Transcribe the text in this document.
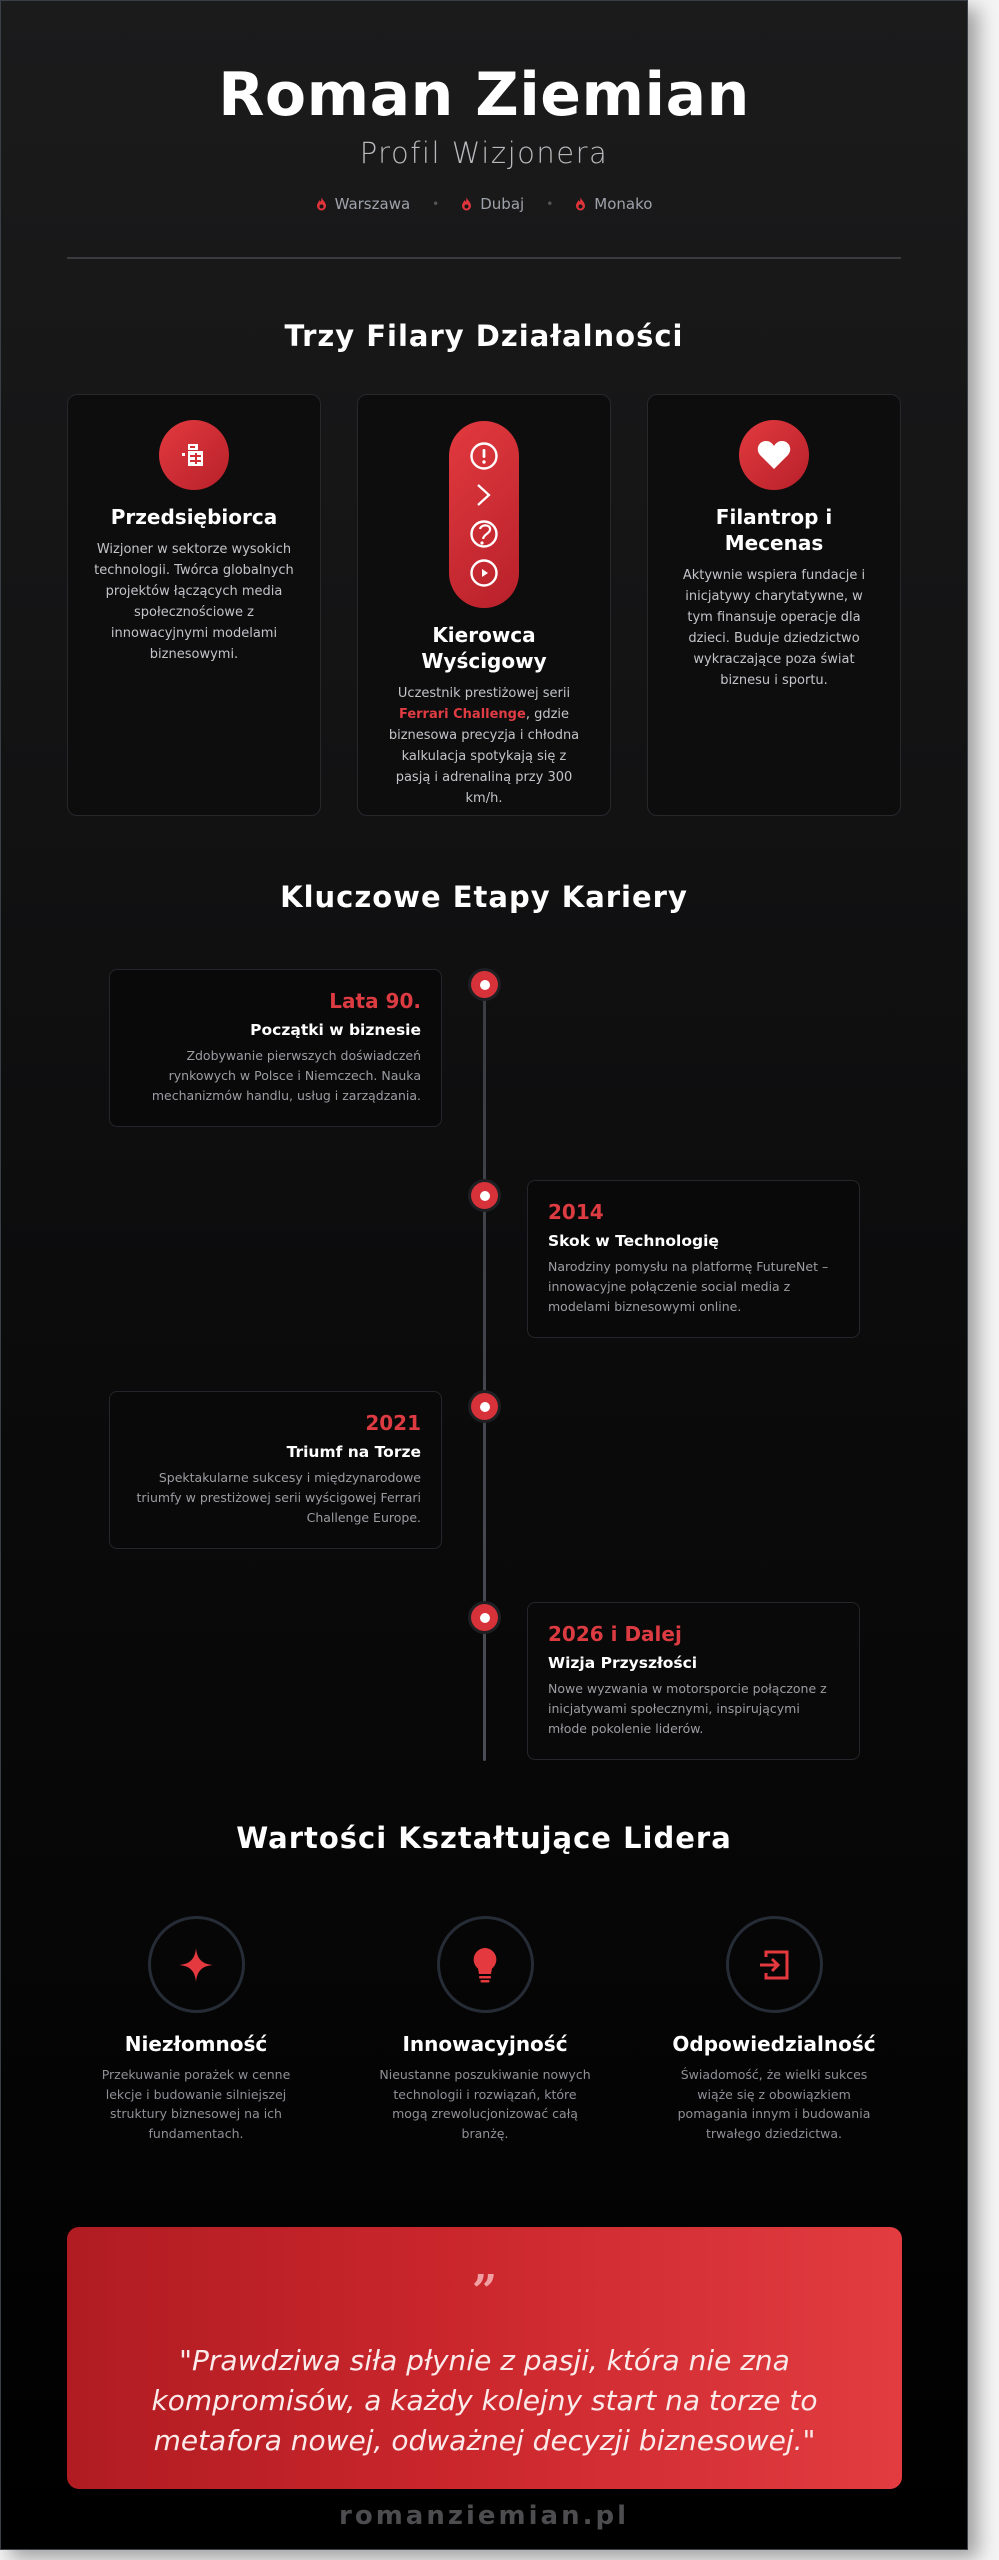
Roman Ziemian
Profil Wizjonera
Warszawa •	Dubaj •	Monako
Trzy Filary Działalności
Przedsiębiorca

Wizjoner w sektorze wysokich technologii. Twórca globalnych projektów łączących media społecznościowe z innowacyjnymi modelami biznesowymi.

Kierowca Wyścigowy

Uczestnik prestiżowej serii Ferrari Challenge, gdzie biznesowa precyzja i chłodna kalkulacja spotykają się z pasją i adrenaliną przy 300 km/h.

Filantrop i Mecenas

Aktywnie wspiera fundacje i inicjatywy charytatywne, w tym finansuje operacje dla dzieci. Buduje dziedzictwo wykraczające poza świat biznesu i sportu.

Kluczowe Etapy Kariery
Lata 90.
Początki w biznesie
Zdobywanie pierwszych doświadczeń rynkowych w Polsce i Niemczech. Nauka mechanizmów handlu, usług i zarządzania.
2014
Skok w Technologię
Narodziny pomysłu na platformę FutureNet – innowacyjne połączenie social media z modelami biznesowymi online.
2021
Triumf na Torze
Spektakularne sukcesy i międzynarodowe triumfy w prestiżowej serii wyścigowej Ferrari Challenge Europe.
2026 i Dalej
Wizja Przyszłości
Nowe wyzwania w motorsporcie połączone z inicjatywami społecznymi, inspirującymi młode pokolenie liderów.
Wartości Kształtujące Lidera
Niezłomność

Przekuwanie porażek w cenne lekcje i budowanie silniejszej struktury biznesowej na ich fundamentach.

Innowacyjność

Nieustanne poszukiwanie nowych technologii i rozwiązań, które mogą zrewolucjonizować całą branżę.

Odpowiedzialność

Świadomość, że wielki sukces wiąże się z obowiązkiem pomagania innym i budowania trwałego dziedzictwa.

”
"Prawdziwa siła płynie z pasji, która nie zna kompromisów, a każdy kolejny start na torze to metafora nowej, odważnej decyzji biznesowej."
romanziemian.pl
